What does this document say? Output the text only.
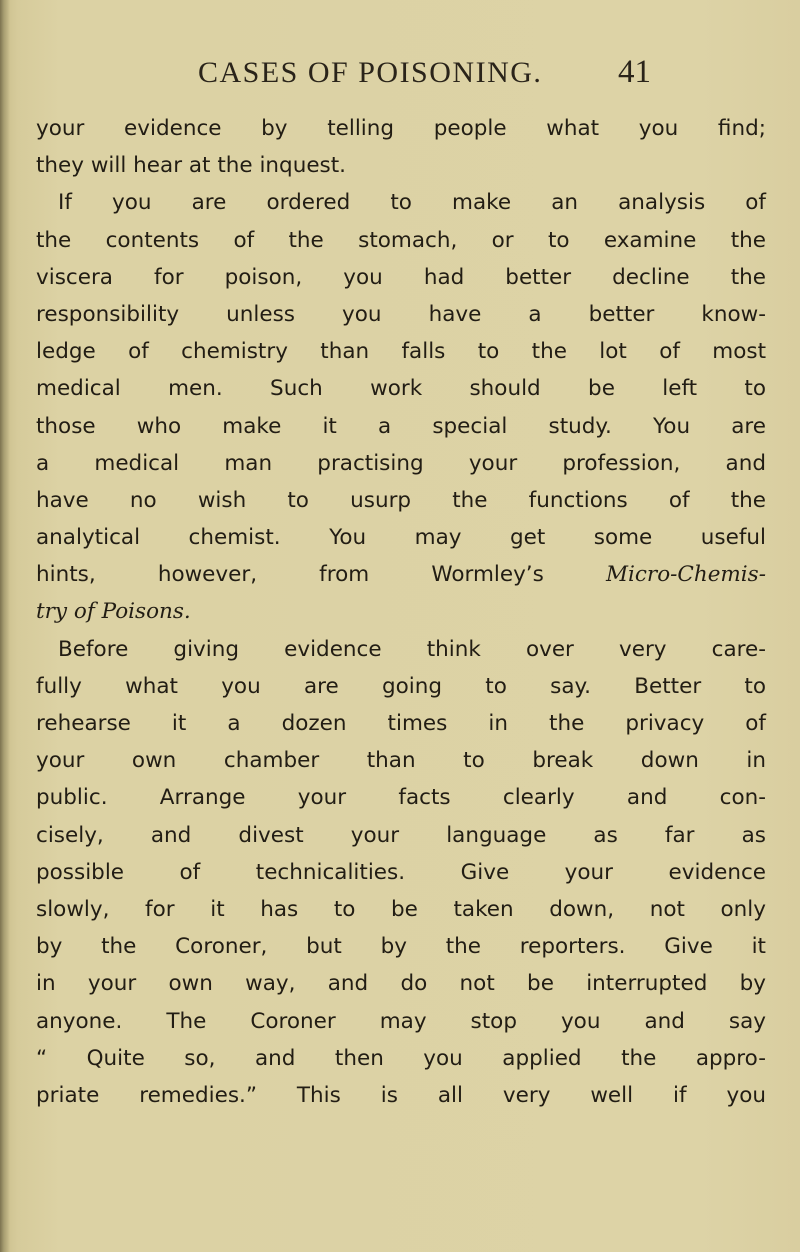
CASES OF POISONING. 41
your evidence by telling people what you find;
they will hear at the inquest.
If you are ordered to make an analysis of
the contents of the stomach, or to examine the
viscera for poison, you had better decline the
responsibility unless you have a better know-
ledge of chemistry than falls to the lot of most
medical men. Such work should be left to
those who make it a special study. You are
a medical man practising your profession, and
have no wish to usurp the functions of the
analytical chemist. You may get some useful
hints, however, from Wormley’s	Micro-Chemis-
try of Poisons.
Before giving evidence think over very care-
fully what you are going to say. Better to
rehearse it a dozen times in the privacy of
your own chamber than to break down in
public. Arrange your facts clearly and con-
cisely, and divest your language as far as
possible of technicalities. Give your evidence
slowly, for it has to be taken down, not only
by the Coroner, but by the reporters. Give it
in your own way, and do not be interrupted by
anyone. The Coroner may stop you and say
“ Quite so, and then you applied the appro-
priate remedies.” This is all very well if you
